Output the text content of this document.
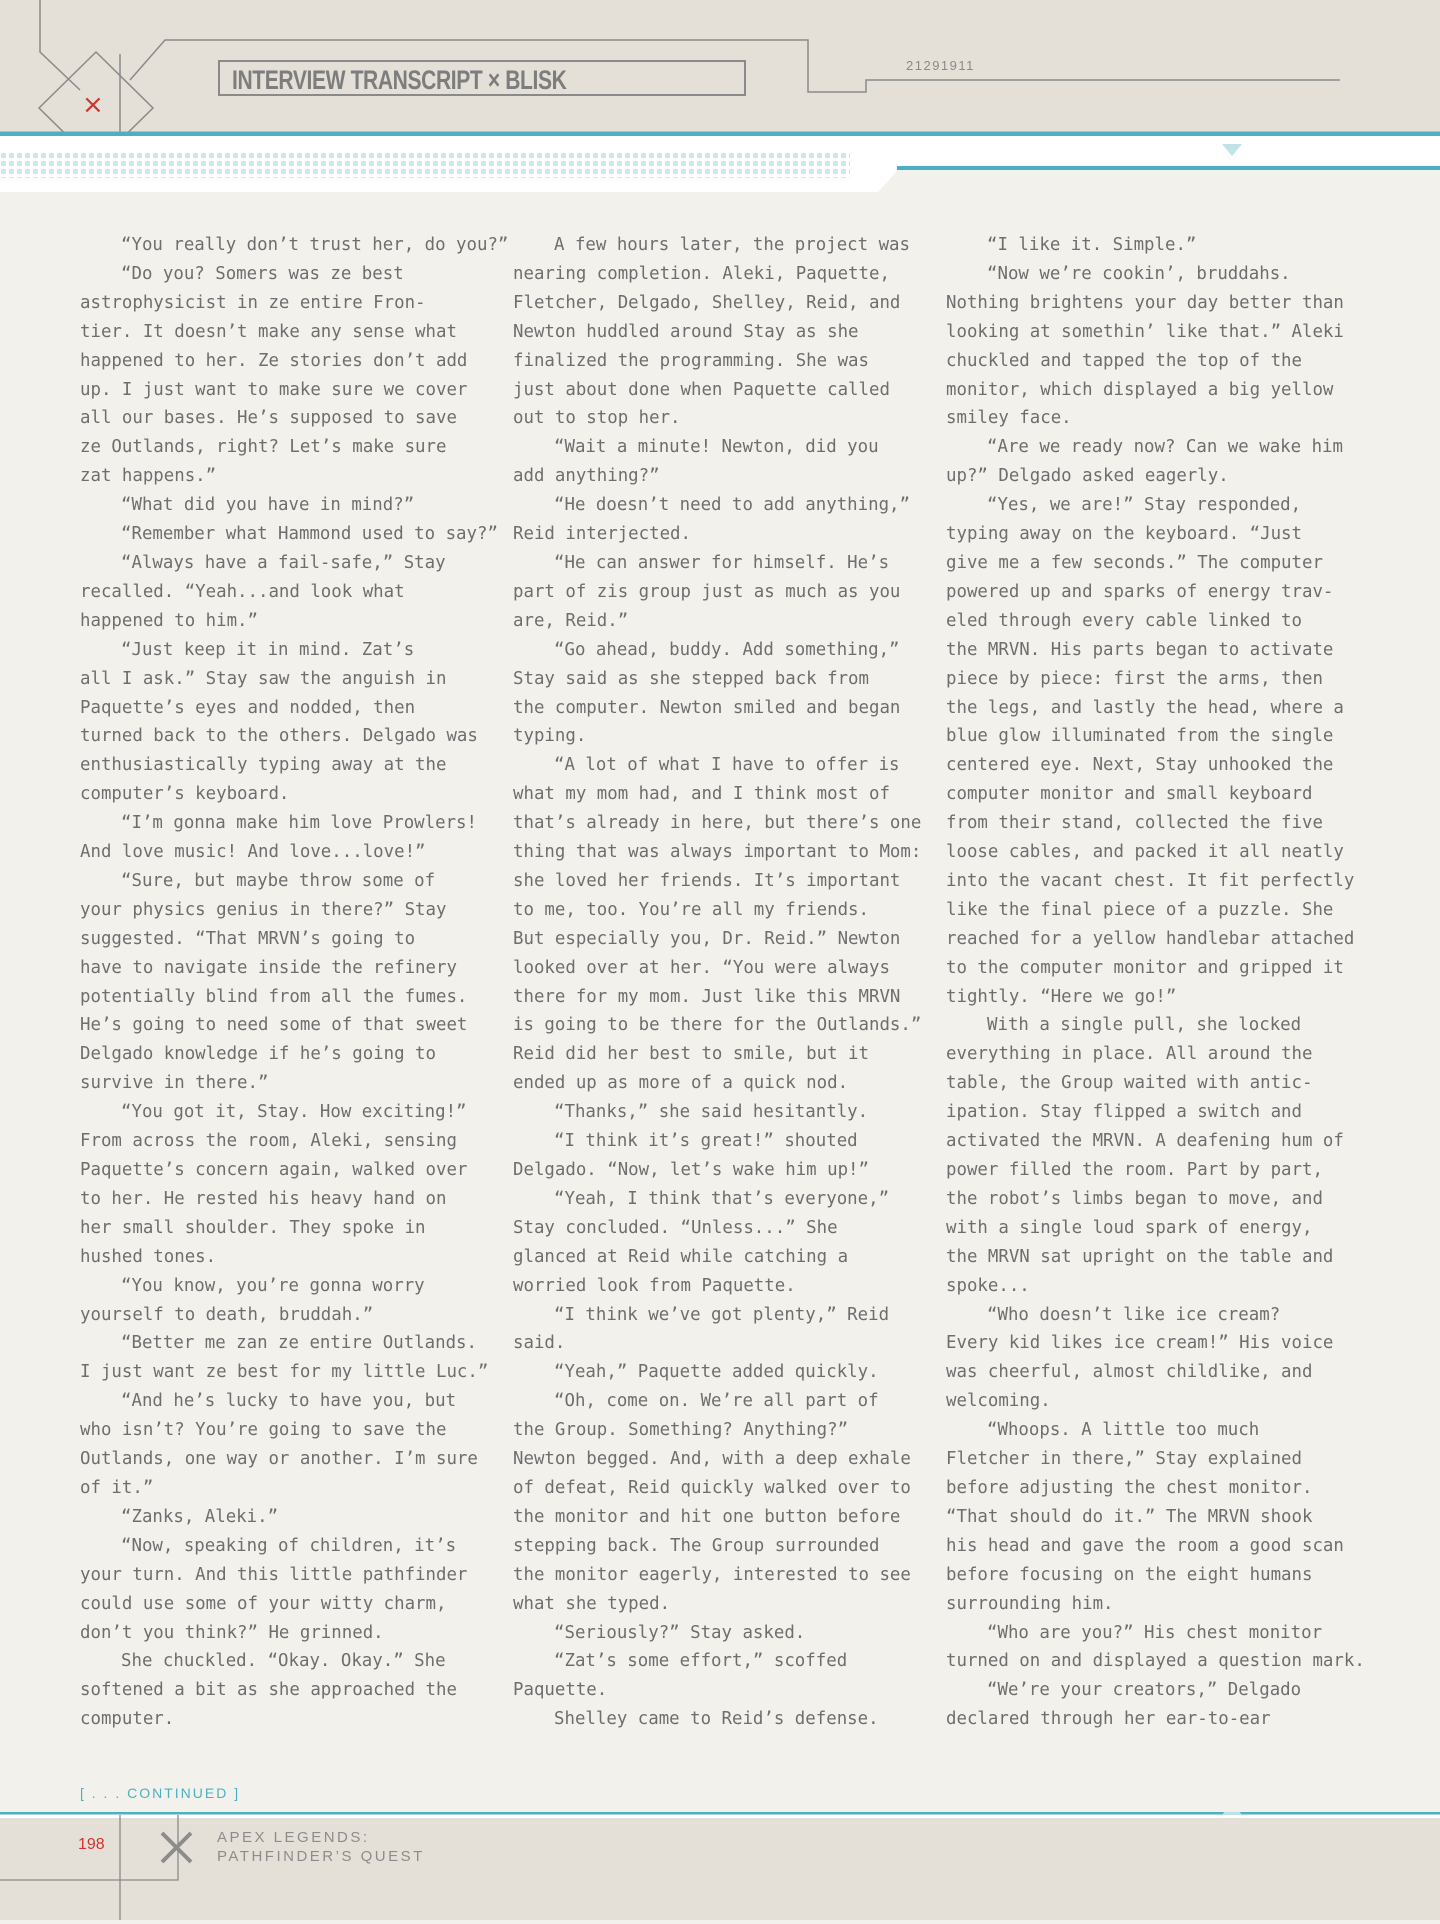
INTERVIEW TRANSCRIPT × BLISK	21291911
×
“You really don’t trust her, do you?”
“Do you? Somers was ze best
astrophysicist in ze entire Fron-
tier. It doesn’t make any sense what
happened to her. Ze stories don’t add
up. I just want to make sure we cover
all our bases. He’s supposed to save
ze Outlands, right? Let’s make sure
zat happens.”
“What did you have in mind?”
“Remember what Hammond used to say?”
“Always have a fail-safe,” Stay
recalled. “Yeah...and look what
happened to him.”
“Just keep it in mind. Zat’s
all I ask.” Stay saw the anguish in
Paquette’s eyes and nodded, then
turned back to the others. Delgado was
enthusiastically typing away at the
computer’s keyboard.
“I’m gonna make him love Prowlers!
And love music! And love...love!”
“Sure, but maybe throw some of
your physics genius in there?” Stay
suggested. “That MRVN’s going to
have to navigate inside the refinery
potentially blind from all the fumes.
He’s going to need some of that sweet
Delgado knowledge if he’s going to
survive in there.”
“You got it, Stay. How exciting!”
From across the room, Aleki, sensing
Paquette’s concern again, walked over
to her. He rested his heavy hand on
her small shoulder. They spoke in
hushed tones.
“You know, you’re gonna worry
yourself to death, bruddah.”
“Better me zan ze entire Outlands.
I just want ze best for my little Luc.”
“And he’s lucky to have you, but
who isn’t? You’re going to save the
Outlands, one way or another. I’m sure
of it.”
“Zanks, Aleki.”
“Now, speaking of children, it’s
your turn. And this little pathfinder
could use some of your witty charm,
don’t you think?” He grinned.
She chuckled. “Okay. Okay.” She
softened a bit as she approached the
computer.
A few hours later, the project was
nearing completion. Aleki, Paquette,
Fletcher, Delgado, Shelley, Reid, and
Newton huddled around Stay as she
finalized the programming. She was
just about done when Paquette called
out to stop her.
“Wait a minute! Newton, did you
add anything?”
“He doesn’t need to add anything,”
Reid interjected.
“He can answer for himself. He’s
part of zis group just as much as you
are, Reid.”
“Go ahead, buddy. Add something,”
Stay said as she stepped back from
the computer. Newton smiled and began
typing.
“A lot of what I have to offer is
what my mom had, and I think most of
that’s already in here, but there’s one
thing that was always important to Mom:
she loved her friends. It’s important
to me, too. You’re all my friends.
But especially you, Dr. Reid.” Newton
looked over at her. “You were always
there for my mom. Just like this MRVN
is going to be there for the Outlands.”
Reid did her best to smile, but it
ended up as more of a quick nod.
“Thanks,” she said hesitantly.
“I think it’s great!” shouted
Delgado. “Now, let’s wake him up!”
“Yeah, I think that’s everyone,”
Stay concluded. “Unless...” She
glanced at Reid while catching a
worried look from Paquette.
“I think we’ve got plenty,” Reid
said.
“Yeah,” Paquette added quickly.
“Oh, come on. We’re all part of
the Group. Something? Anything?”
Newton begged. And, with a deep exhale
of defeat, Reid quickly walked over to
the monitor and hit one button before
stepping back. The Group surrounded
the monitor eagerly, interested to see
what she typed.
“Seriously?” Stay asked.
“Zat’s some effort,” scoffed
Paquette.
Shelley came to Reid’s defense.
“I like it. Simple.”
“Now we’re cookin’, bruddahs.
Nothing brightens your day better than
looking at somethin’ like that.” Aleki
chuckled and tapped the top of the
monitor, which displayed a big yellow
smiley face.
“Are we ready now? Can we wake him
up?” Delgado asked eagerly.
“Yes, we are!” Stay responded,
typing away on the keyboard. “Just
give me a few seconds.” The computer
powered up and sparks of energy trav-
eled through every cable linked to
the MRVN. His parts began to activate
piece by piece: first the arms, then
the legs, and lastly the head, where a
blue glow illuminated from the single
centered eye. Next, Stay unhooked the
computer monitor and small keyboard
from their stand, collected the five
loose cables, and packed it all neatly
into the vacant chest. It fit perfectly
like the final piece of a puzzle. She
reached for a yellow handlebar attached
to the computer monitor and gripped it
tightly. “Here we go!”
With a single pull, she locked
everything in place. All around the
table, the Group waited with antic-
ipation. Stay flipped a switch and
activated the MRVN. A deafening hum of
power filled the room. Part by part,
the robot’s limbs began to move, and
with a single loud spark of energy,
the MRVN sat upright on the table and
spoke...
“Who doesn’t like ice cream?
Every kid likes ice cream!” His voice
was cheerful, almost childlike, and
welcoming.
“Whoops. A little too much
Fletcher in there,” Stay explained
before adjusting the chest monitor.
“That should do it.” The MRVN shook
his head and gave the room a good scan
before focusing on the eight humans
surrounding him.
“Who are you?” His chest monitor
turned on and displayed a question mark.
“We’re your creators,” Delgado
declared through her ear-to-ear
[ . . . CONTINUED ]
198	APEX LEGENDS:
PATHFINDER’S QUEST
